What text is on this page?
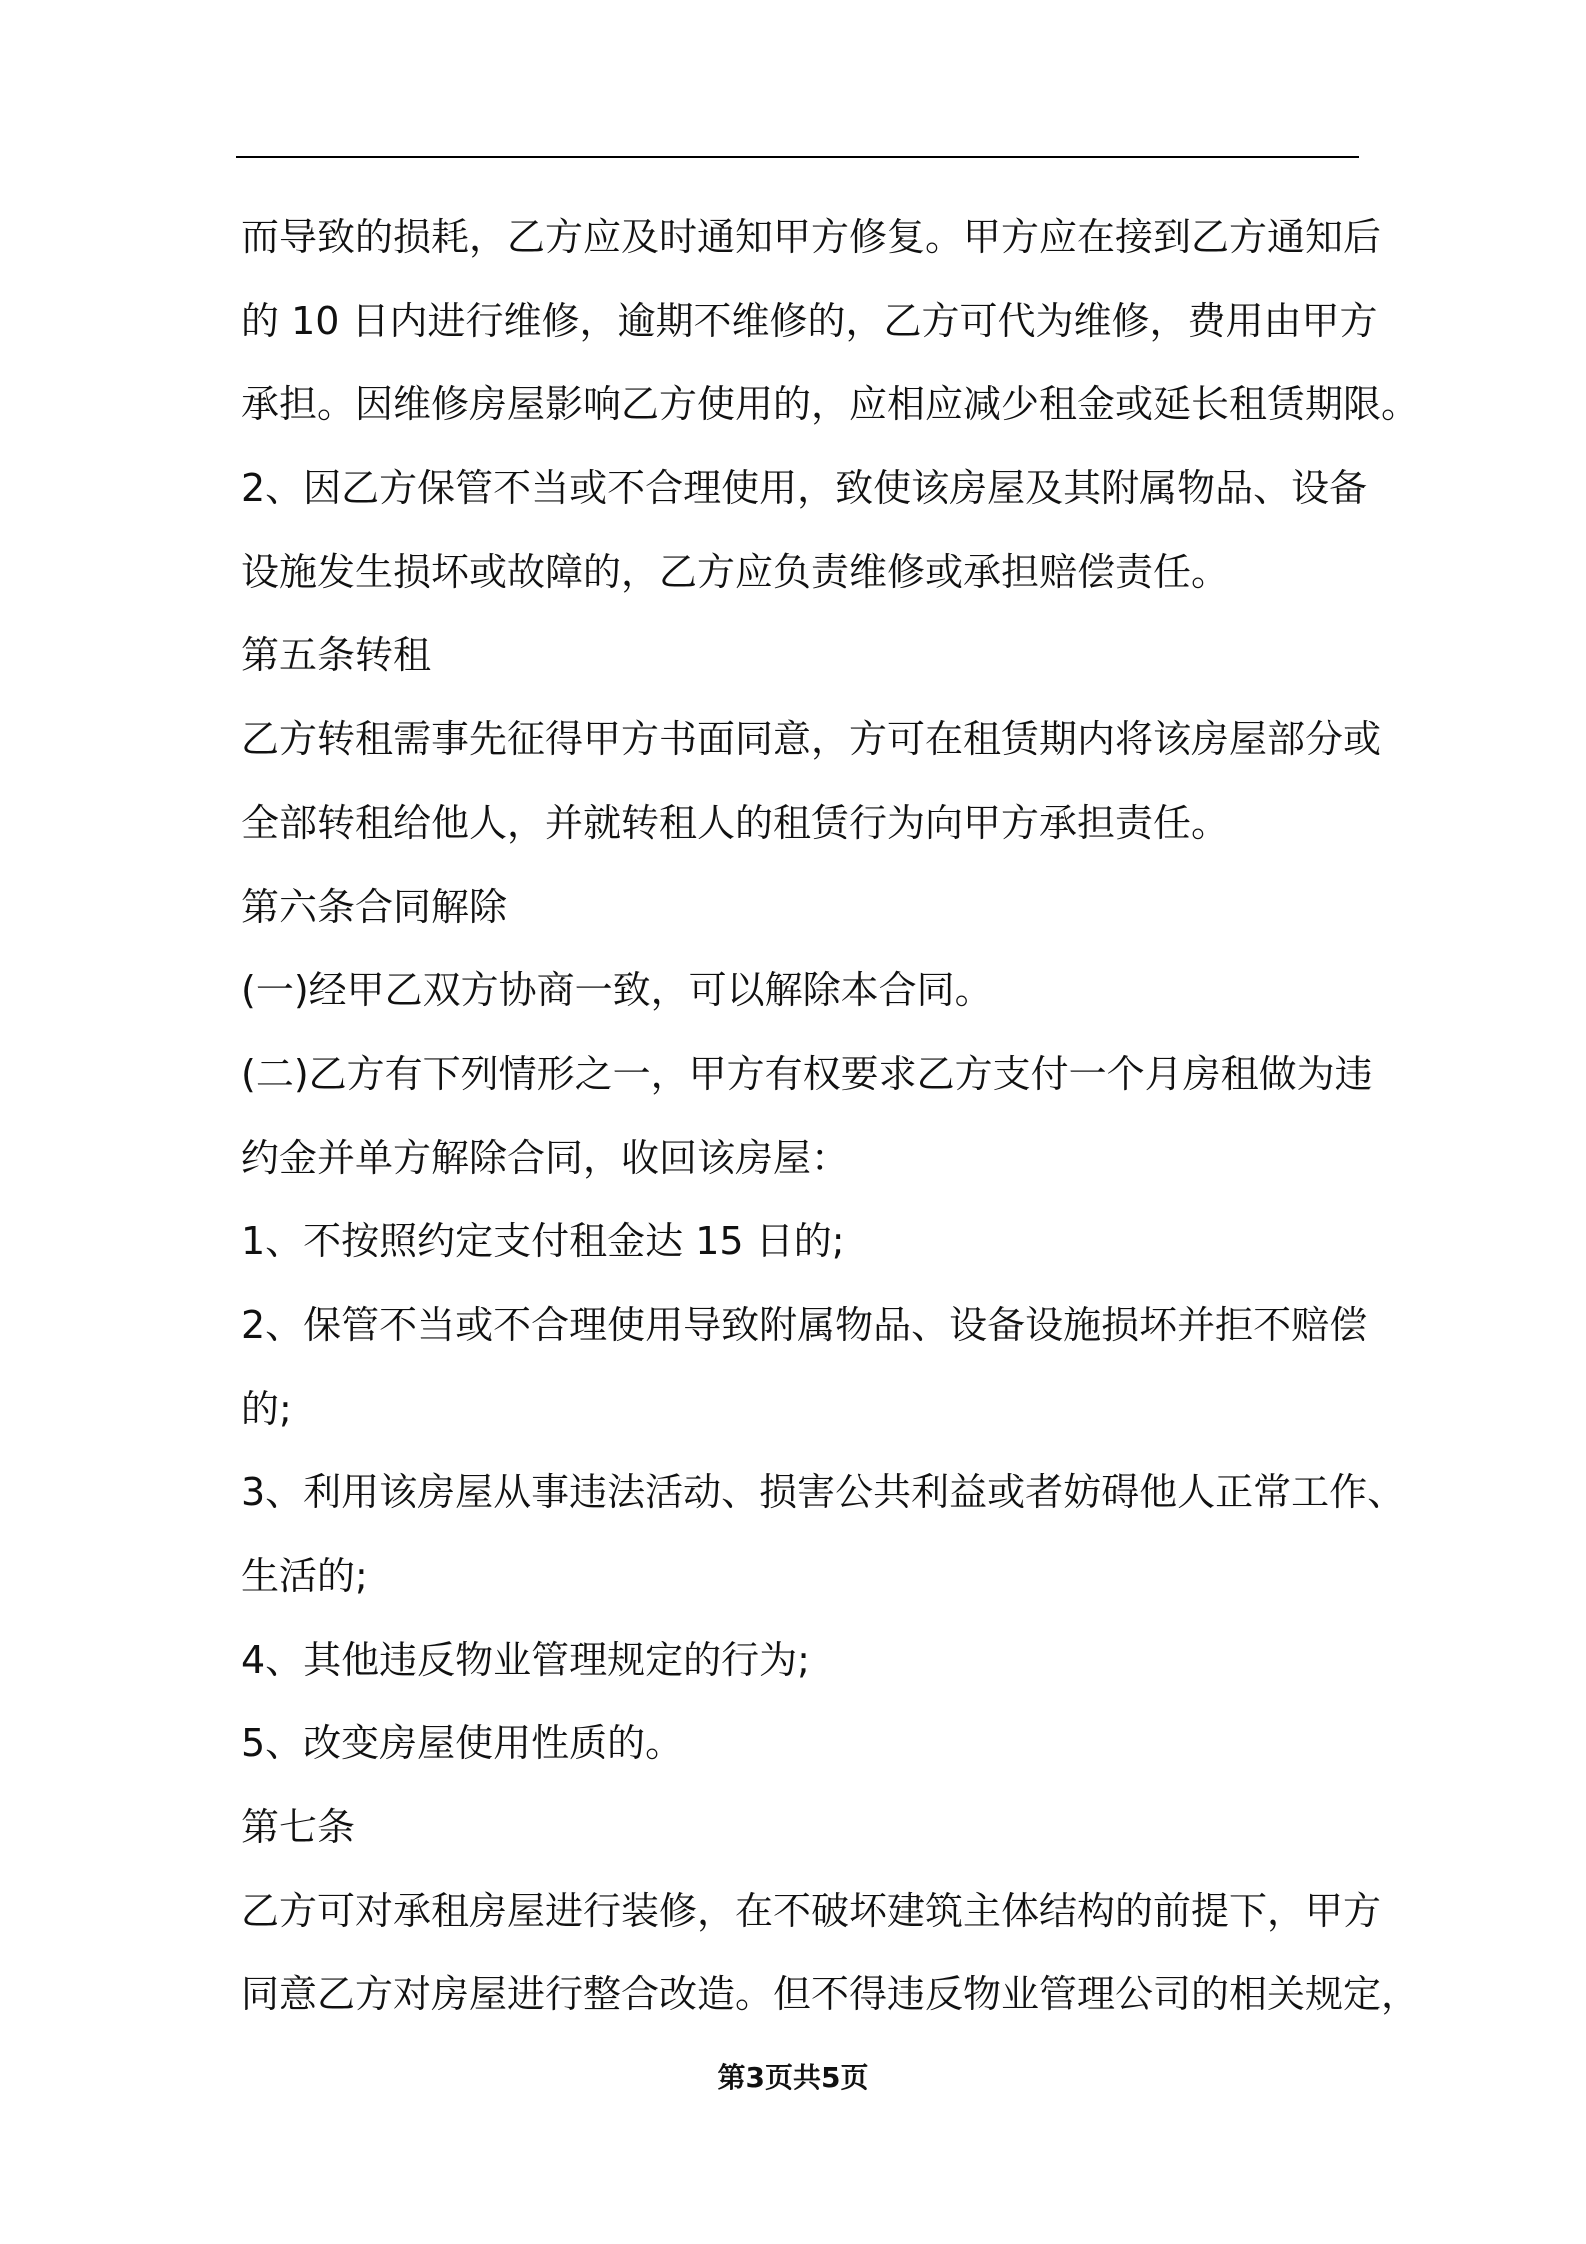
而导致的损耗，乙方应及时通知甲方修复。甲方应在接到乙方通知后
的 10 日内进行维修，逾期不维修的，乙方可代为维修，费用由甲方
承担。因维修房屋影响乙方使用的，应相应减少租金或延长租赁期限。
2、因乙方保管不当或不合理使用，致使该房屋及其附属物品、设备
设施发生损坏或故障的，乙方应负责维修或承担赔偿责任。
第五条转租
乙方转租需事先征得甲方书面同意，方可在租赁期内将该房屋部分或
全部转租给他人，并就转租人的租赁行为向甲方承担责任。
第六条合同解除
(一)经甲乙双方协商一致，可以解除本合同。
(二)乙方有下列情形之一，甲方有权要求乙方支付一个月房租做为违
约金并单方解除合同，收回该房屋：
1、不按照约定支付租金达 15 日的;
2、保管不当或不合理使用导致附属物品、设备设施损坏并拒不赔偿
的;
3、利用该房屋从事违法活动、损害公共利益或者妨碍他人正常工作、
生活的;
4、其他违反物业管理规定的行为;
5、改变房屋使用性质的。
第七条
乙方可对承租房屋进行装修，在不破坏建筑主体结构的前提下，甲方
同意乙方对房屋进行整合改造。但不得违反物业管理公司的相关规定，
第3页共5页
